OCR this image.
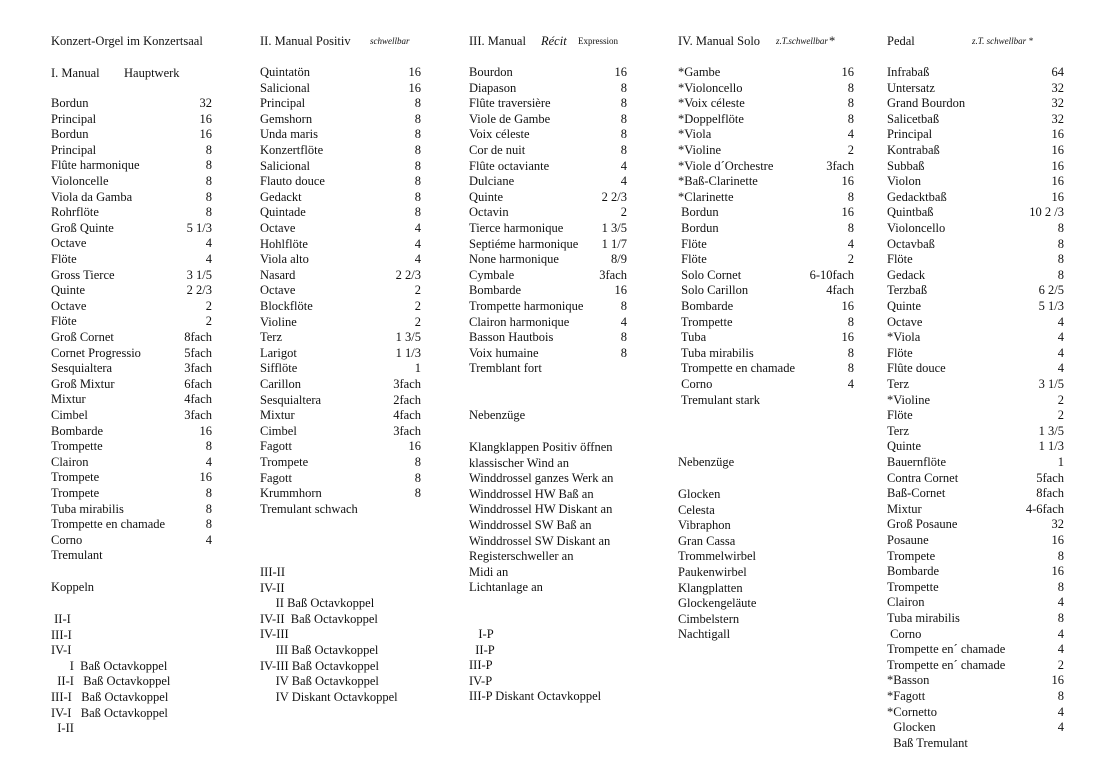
Konzert-Orgel im Konzertsaal
I. Manual Hauptwerk
Bordun	32
Principal	16
Bordun	16
Principal	8
Flûte harmonique	8
Violoncelle	8
Viola da Gamba	8
Rohrflöte	8
Groß Quinte	5 1/3
Octave	4
Flöte	4
Gross Tierce	3 1/5
Quinte	2 2/3
Octave	2
Flöte	2
Groß Cornet	8fach
Cornet Progressio	5fach
Sesquialtera	3fach
Groß Mixtur	6fach
Mixtur	4fach
Cimbel	3fach
Bombarde	16
Trompette	8
Clairon	4
Trompete	16
Trompete	8
Tuba mirabilis	8
Trompette en chamade	8
Corno	4
Tremulant
Koppeln
II-I
III-I
IV-I
I  Baß Octavkoppel
II-I   Baß Octavkoppel
III-I   Baß Octavkoppel
IV-I   Baß Octavkoppel
I-II
II. Manual Positiv schwellbar
Quintatön	16
Salicional	16
Principal	8
Gemshorn	8
Unda maris	8
Konzertflöte	8
Salicional	8
Flauto douce	8
Gedackt	8
Quintade	8
Octave	4
Hohlflöte	4
Viola alto	4
Nasard	2 2/3
Octave	2
Blockflöte	2
Violine	2
Terz	1 3/5
Larigot	1 1/3
Sifflöte	1
Carillon	3fach
Sesquialtera	2fach
Mixtur	4fach
Cimbel	3fach
Fagott	16
Trompete	8
Fagott	8
Krummhorn	8
Tremulant schwach
III-II
IV-II
II Baß Octavkoppel
IV-II  Baß Octavkoppel
IV-III
III Baß Octavkoppel
IV-III Baß Octavkoppel
IV Baß Octavkoppel
IV Diskant Octavkoppel
III. Manual Récit Expression
Bourdon	16
Diapason	8
Flûte traversière	8
Viole de Gambe	8
Voix céleste	8
Cor de nuit	8
Flûte octaviante	4
Dulciane	4
Quinte	2 2/3
Octavin	2
Tierce harmonique	1 3/5
Septiéme harmonique 1 1/7
None harmonique	8/9
Cymbale	3fach
Bombarde	16
Trompette harmonique	8
Clairon harmonique	4
Basson Hautbois	8
Voix humaine	8
Tremblant fort
Nebenzüge
Klangklappen Positiv öffnen
klassischer Wind an
Winddrossel ganzes Werk an
Winddrossel HW Baß an
Winddrossel HW Diskant an
Winddrossel SW Baß an
Winddrossel SW Diskant an
Registerschweller an
Midi an
Lichtanlage an
I-P
II-P
III-P
IV-P
III-P Diskant Octavkoppel
IV. Manual Solo z.T.schwellbar *
*Gambe	16
*Violoncello	8
*Voix céleste	8
*Doppelflöte	8
*Viola	4
*Violine	2
*Viole d´Orchestre	3fach
*Baß-Clarinette	16
*Clarinette	8
Bordun	16
Bordun	8
Flöte	4
Flöte	2
Solo Cornet	6-10fach
Solo Carillon	4fach
Bombarde	16
Trompette	8
Tuba	16
Tuba mirabilis	8
Trompette en chamade	8
Corno	4
Tremulant stark
Nebenzüge
Glocken
Celesta
Vibraphon
Gran Cassa
Trommelwirbel
Paukenwirbel
Klangplatten
Glockengeläute
Cimbelstern
Nachtigall
Pedal	z.T. schwellbar *
Infrabaß	64
Untersatz	32
Grand Bourdon	32
Salicetbaß	32
Principal	16
Kontrabaß	16
Subbaß	16
Violon	16
Gedacktbaß	16
Quintbaß	10 2 /3
Violoncello	8
Octavbaß	8
Flöte	8
Gedack	8
Terzbaß	6 2/5
Quinte	5 1/3
Octave	4
*Viola	4
Flöte	4
Flûte douce	4
Terz	3 1/5
*Violine	2
Flöte	2
Terz	1 3/5
Quinte	1 1/3
Bauernflöte	1
Contra Cornet	5fach
Baß-Cornet	8fach
Mixtur	4-6fach
Groß Posaune	32
Posaune	16
Trompete	8
Bombarde	16
Trompette	8
Clairon	4
Tuba mirabilis	8
Corno	4
Trompette en´ chamade	4
Trompette en´ chamade	2
*Basson	16
*Fagott	8
*Cornetto	4
Glocken	4
Baß Tremulant
